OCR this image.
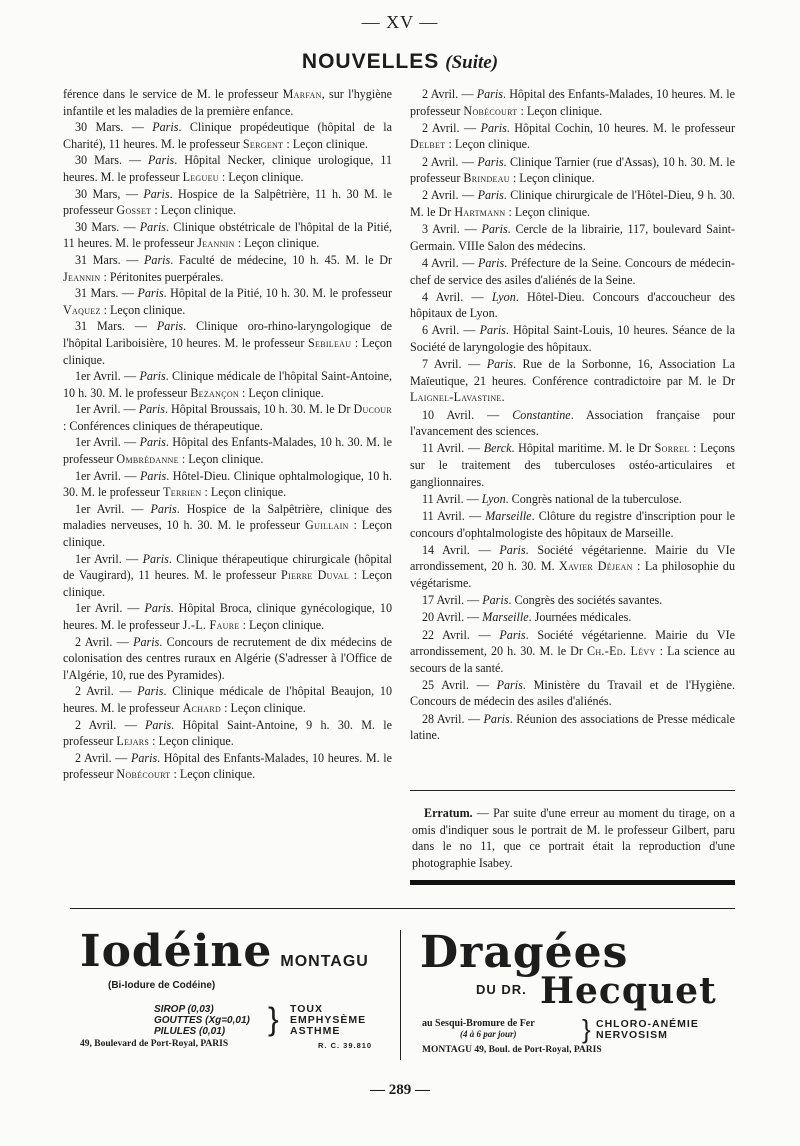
— XV —
NOUVELLES (Suite)

férence dans le service de M. le professeur Marfan, sur l'hygiène infantile et les maladies de la première enfance.

30 Mars. — Paris. Clinique propédeutique (hôpital de la Charité), 11 heures. M. le professeur Sergent : Leçon clinique.

30 Mars. — Paris. Hôpital Necker, clinique urologique, 11 heures. M. le professeur Legueu : Leçon clinique.

30 Mars, — Paris. Hospice de la Salpêtrière, 11 h. 30 M. le professeur Gosset : Leçon clinique.

30 Mars. — Paris. Clinique obstétricale de l'hôpital de la Pitié, 11 heures. M. le professeur Jeannin : Leçon clinique.

31 Mars. — Paris. Faculté de médecine, 10 h. 45. M. le Dr Jeannin : Péritonites puerpérales.

31 Mars. — Paris. Hôpital de la Pitié, 10 h. 30. M. le professeur Vaquez : Leçon clinique.

31 Mars. — Paris. Clinique oro-rhino-laryngologique de l'hôpital Lariboisière, 10 heures. M. le professeur Sebileau : Leçon clinique.

1er Avril. — Paris. Clinique médicale de l'hôpital Saint-Antoine, 10 h. 30. M. le professeur Bezançon : Leçon clinique.

1er Avril. — Paris. Hôpital Broussais, 10 h. 30. M. le Dr Ducour : Conférences cliniques de thérapeutique.

1er Avril. — Paris. Hôpital des Enfants-Malades, 10 h. 30. M. le professeur Ombrédanne : Leçon clinique.

1er Avril. — Paris. Hôtel-Dieu. Clinique ophtalmologique, 10 h. 30. M. le professeur Terrien : Leçon clinique.

1er Avril. — Paris. Hospice de la Salpêtrière, clinique des maladies nerveuses, 10 h. 30. M. le professeur Guillain : Leçon clinique.

1er Avril. — Paris. Clinique thérapeutique chirurgicale (hôpital de Vaugirard), 11 heures. M. le professeur Pierre Duval : Leçon clinique.

1er Avril. — Paris. Hôpital Broca, clinique gynécologique, 10 heures. M. le professeur J.-L. Faure : Leçon clinique.

2 Avril. — Paris. Concours de recrutement de dix médecins de colonisation des centres ruraux en Algérie (S'adresser à l'Office de l'Algérie, 10, rue des Pyramides).

2 Avril. — Paris. Clinique médicale de l'hôpital Beaujon, 10 heures. M. le professeur Achard : Leçon clinique.

2 Avril. — Paris. Hôpital Saint-Antoine, 9 h. 30. M. le professeur Lejars : Leçon clinique.

2 Avril. — Paris. Hôpital des Enfants-Malades, 10 heures. M. le professeur Nobécourt : Leçon clinique.

2 Avril. — Paris. Hôpital des Enfants-Malades, 10 heures. M. le professeur Nobécourt : Leçon clinique.

2 Avril. — Paris. Hôpital Cochin, 10 heures. M. le professeur Delbet : Leçon clinique.

2 Avril. — Paris. Clinique Tarnier (rue d'Assas), 10 h. 30. M. le professeur Brindeau : Leçon clinique.

2 Avril. — Paris. Clinique chirurgicale de l'Hôtel-Dieu, 9 h. 30. M. le Dr Hartmann : Leçon clinique.

3 Avril. — Paris. Cercle de la librairie, 117, boulevard Saint-Germain. VIIIe Salon des médecins.

4 Avril. — Paris. Préfecture de la Seine. Concours de médecin-chef de service des asiles d'aliénés de la Seine.

4 Avril. — Lyon. Hôtel-Dieu. Concours d'accoucheur des hôpitaux de Lyon.

6 Avril. — Paris. Hôpital Saint-Louis, 10 heures. Séance de la Société de laryngologie des hôpitaux.

7 Avril. — Paris. Rue de la Sorbonne, 16, Association La Maïeutique, 21 heures. Conférence contradictoire par M. le Dr Laignel-Lavastine.

10 Avril. — Constantine. Association française pour l'avancement des sciences.

11 Avril. — Berck. Hôpital maritime. M. le Dr Sorrel : Leçons sur le traitement des tuberculoses ostéo-articulaires et ganglionnaires.

11 Avril. — Lyon. Congrès national de la tuberculose.

11 Avril. — Marseille. Clôture du registre d'inscription pour le concours d'ophtalmologiste des hôpitaux de Marseille.

14 Avril. — Paris. Société végétarienne. Mairie du VIe arrondissement, 20 h. 30. M. Xavier Déjean : La philosophie du végétarisme.

17 Avril. — Paris. Congrès des sociétés savantes.

20 Avril. — Marseille. Journées médicales.

22 Avril. — Paris. Société végétarienne. Mairie du VIe arrondissement, 20 h. 30. M. le Dr Ch.-Ed. Lévy : La science au secours de la santé.

25 Avril. — Paris. Ministère du Travail et de l'Hygiène. Concours de médecin des asiles d'aliénés.

28 Avril. — Paris. Réunion des associations de Presse médicale latine.

Erratum. — Par suite d'une erreur au moment du tirage, on a omis d'indiquer sous le portrait de M. le professeur Gilbert, paru dans le no 11, que ce portrait était la reproduction d'une photographie Isabey.
Iodéine MONTAGU
(Bi-Iodure de Codéine)
SIROP (0,03)
GOUTTES (Xg=0,01)
PILULES (0,01)	} TOUX
EMPHYSÈME
ASTHME
49, Boulevard de Port-Royal, PARIS	R. C. 39.810
Dragées
DU DR. Hecquet
au Sesqui-Bromure de Fer
(4 à 6 par jour)	} CHLORO-ANÉMIE
NERVOSISM
MONTAGU 49, Boul. de Port-Royal, PARIS
— 289 —
